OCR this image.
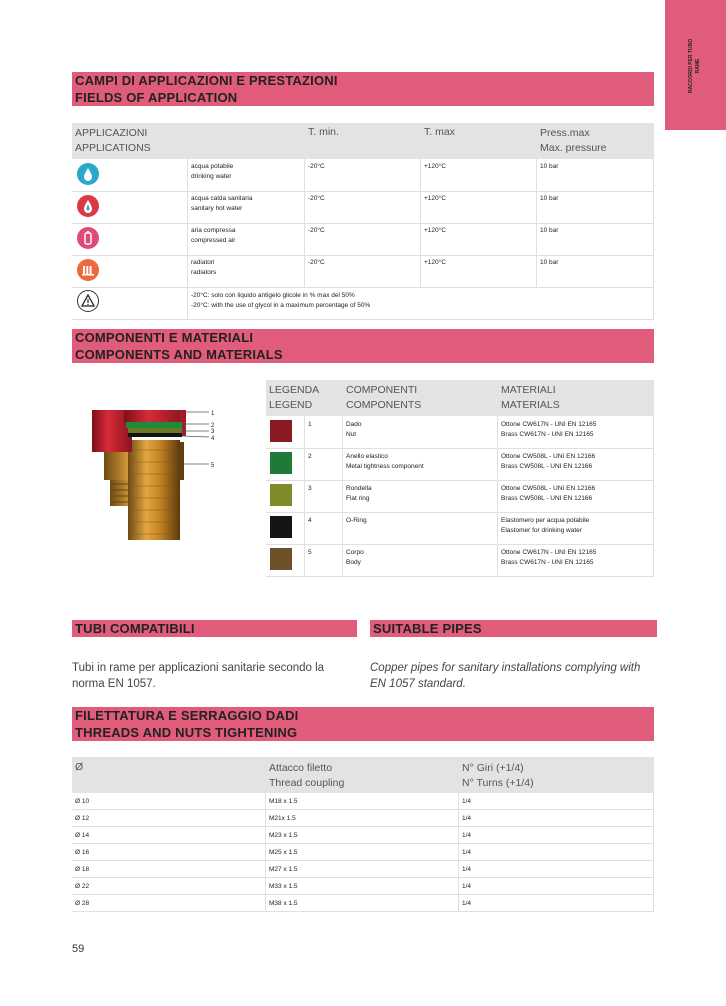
RACCORDI PER TUBO RAME
CAMPI DI APPLICAZIONI E PRESTAZIONI
FIELDS OF APPLICATION
APPLICAZIONI
APPLICATIONS
T. min.	T. max	Press.max
Max. pressure
acqua potabile
drinking water
-20°C	+120°C	10 bar
acqua calda sanitaria
sanitary hot water
-20°C	+120°C	10 bar
aria compressa
compressed air
-20°C	+120°C	10 bar
radiatori
radiators
-20°C	+120°C	10 bar
-20°C: solo con liquido antigelo glicole in % max del 50%
-20°C: with the use of glycol in a maximum percentage of 50%
COMPONENTI E MATERIALI
COMPONENTS AND MATERIALS
1
2
3
4
5
LEGENDA
LEGEND
COMPONENTI
COMPONENTS
MATERIALI
MATERIALS
1	Dado
Nut
Ottone CW617N - UNI EN 12165
Brass CW617N - UNI EN 12165
2	Anello elastico
Metal tightness component
Ottone CW508L - UNI EN 12166
Brass CW508L - UNI EN 12166
3	Rondella
Flat ring
Ottone CW508L - UNI EN 12166
Brass CW508L - UNI EN 12166
4	O-Ring	Elastomero per acqua potabile
Elastomer for drinking water
5	Corpo
Body
Ottone CW617N - UNI EN 12165
Brass CW617N - UNI EN 12165
TUBI COMPATIBILI	SUITABLE PIPES
Tubi in rame per applicazioni sanitarie secondo la norma EN 1057.
Copper pipes for sanitary installations complying with EN 1057 standard.
FILETTATURA E SERRAGGIO DADI
THREADS AND NUTS TIGHTENING
Ø	Attacco filetto
Thread coupling
N° Giri (+1/4)
N° Turns (+1/4)
Ø 10	M18 x 1.5	1/4
Ø 12	M21x 1.5	1/4
Ø 14	M23 x 1.5	1/4
Ø 16	M25 x 1.5	1/4
Ø 18	M27 x 1.5	1/4
Ø 22	M33 x 1.5	1/4
Ø 28	M38 x 1.5	1/4
59
